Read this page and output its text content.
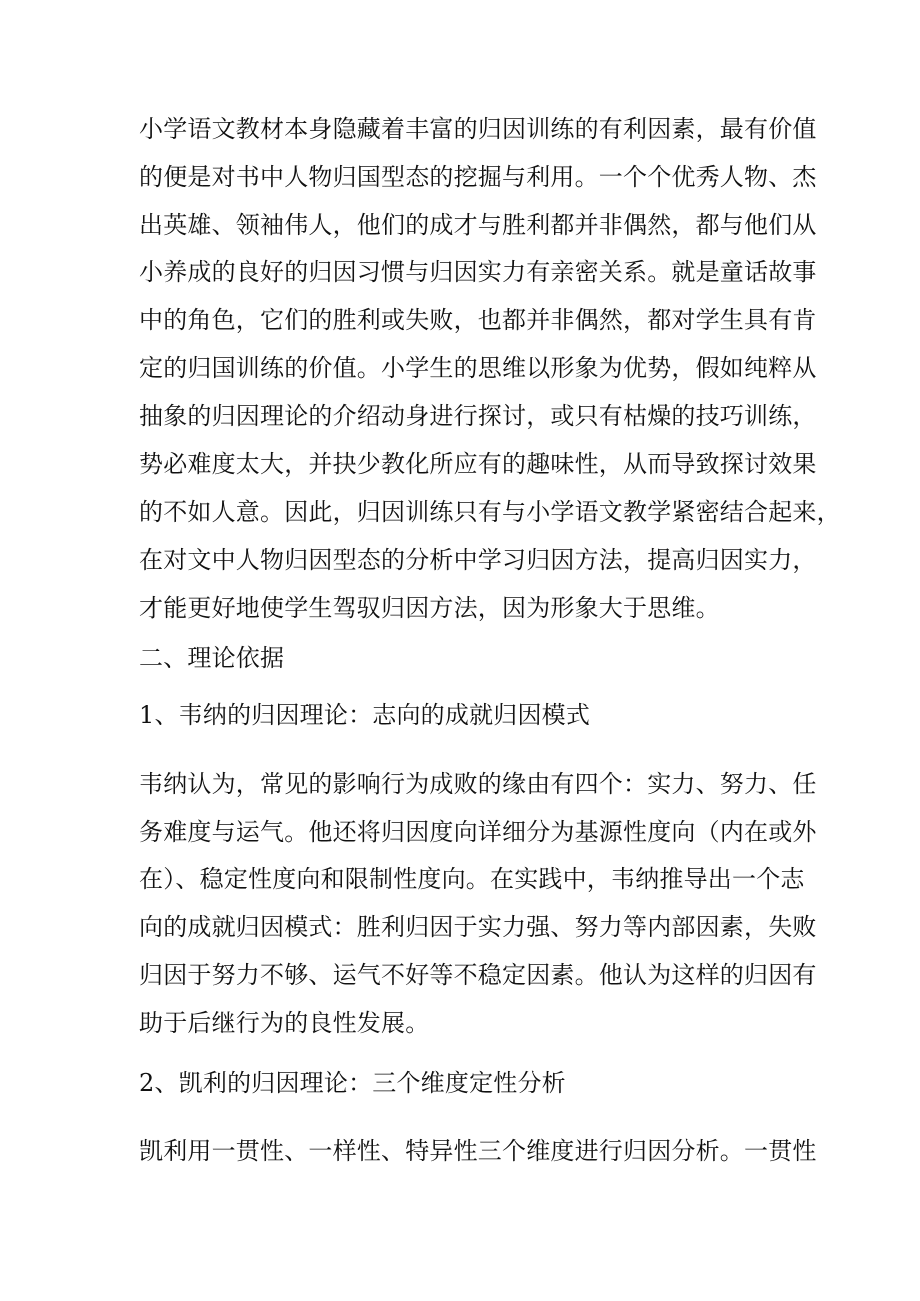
小学语文教材本身隐藏着丰富的归因训练的有利因素，最有价值
的便是对书中人物归国型态的挖掘与利用。一个个优秀人物、杰
出英雄、领袖伟人，他们的成才与胜利都并非偶然，都与他们从
小养成的良好的归因习惯与归因实力有亲密关系。就是童话故事
中的角色，它们的胜利或失败，也都并非偶然，都对学生具有肯
定的归国训练的价值。小学生的思维以形象为优势，假如纯粹从
抽象的归因理论的介绍动身进行探讨，或只有枯燥的技巧训练，
势必难度太大，并抉少教化所应有的趣味性，从而导致探讨效果
的不如人意。因此，归因训练只有与小学语文教学紧密结合起来，
在对文中人物归因型态的分析中学习归因方法，提高归因实力，
才能更好地使学生驾驭归因方法，因为形象大于思维。
二、理论依据
1、韦纳的归因理论：志向的成就归因模式
韦纳认为，常见的影响行为成败的缘由有四个：实力、努力、任
务难度与运气。他还将归因度向详细分为基源性度向（内在或外
在）、稳定性度向和限制性度向。在实践中，韦纳推导出一个志
向的成就归因模式：胜利归因于实力强、努力等内部因素，失败
归因于努力不够、运气不好等不稳定因素。他认为这样的归因有
助于后继行为的良性发展。
2、凯利的归因理论：三个维度定性分析
凯利用一贯性、一样性、特异性三个维度进行归因分析。一贯性
